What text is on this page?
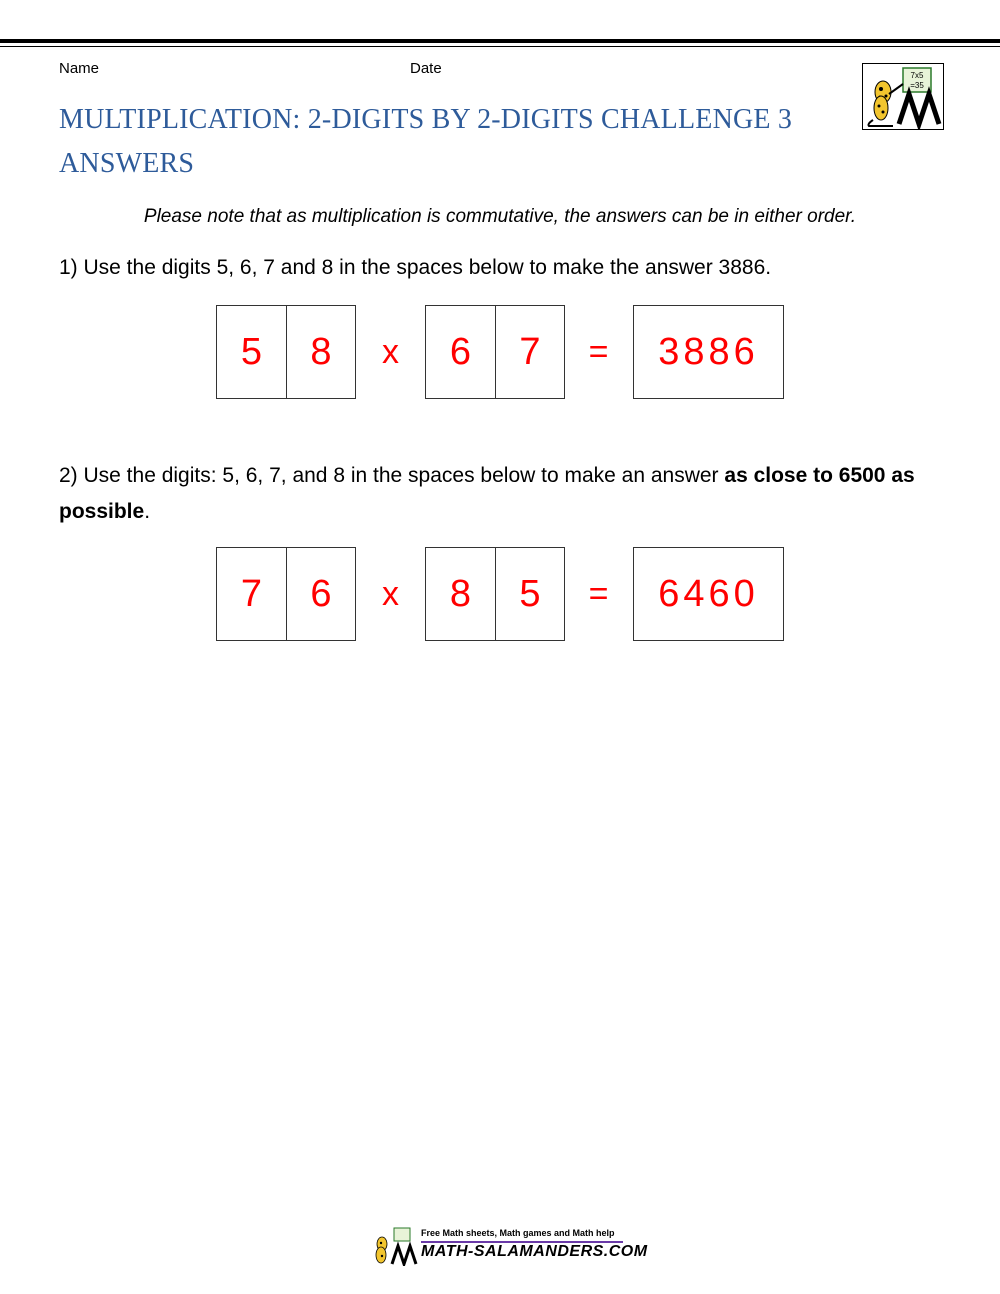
Name	Date	7x5
=35
MULTIPLICATION: 2-DIGITS BY 2-DIGITS CHALLENGE 3 ANSWERS
Please note that as multiplication is commutative, the answers can be in either order.
1) Use the digits 5, 6, 7 and 8 in the spaces below to make the answer 3886.
5	8	x	6	7	=	3886
2) Use the digits: 5, 6, 7, and 8 in the spaces below to make an answer as close to 6500 as possible.
7	6	x	8	5	=	6460
Free Math sheets, Math games and Math help
MATH-SALAMANDERS.COM
